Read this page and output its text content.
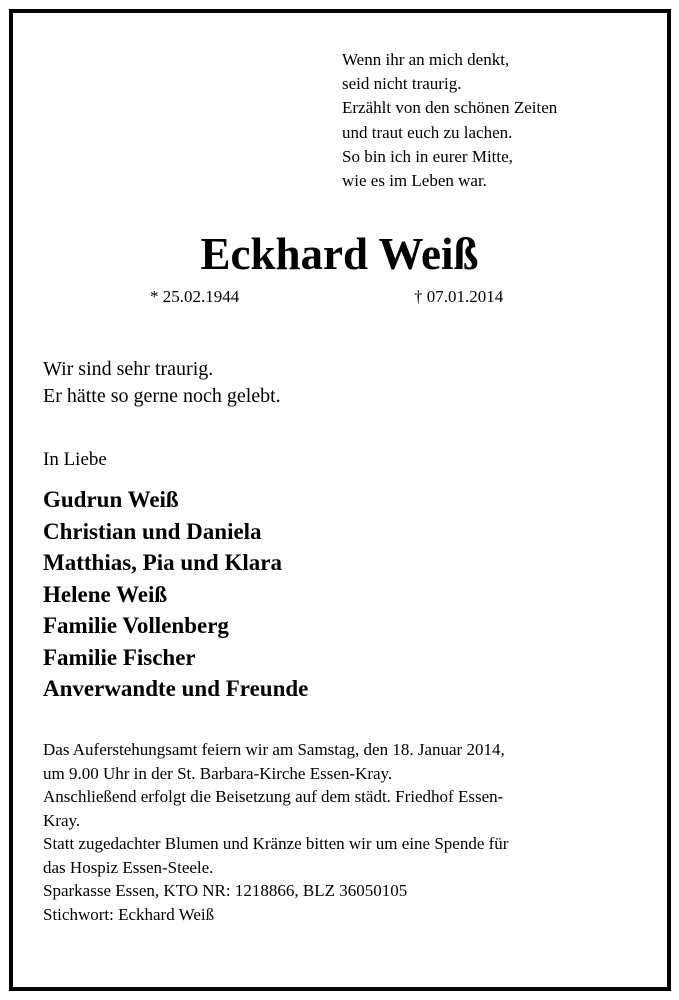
Wenn ihr an mich denkt,
seid nicht traurig.
Erzählt von den schönen Zeiten
und traut euch zu lachen.
So bin ich in eurer Mitte,
wie es im Leben war.
Eckhard Weiß
* 25.02.1944	† 07.01.2014
Wir sind sehr traurig.
Er hätte so gerne noch gelebt.
In Liebe
Gudrun Weiß
Christian und Daniela
Matthias, Pia und Klara
Helene Weiß
Familie Vollenberg
Familie Fischer
Anverwandte und Freunde
Das Auferstehungsamt feiern wir am Samstag, den 18. Januar 2014,
um 9.00 Uhr in der St. Barbara-Kirche Essen-Kray.
Anschließend erfolgt die Beisetzung auf dem städt. Friedhof Essen-
Kray.
Statt zugedachter Blumen und Kränze bitten wir um eine Spende für
das Hospiz Essen-Steele.
Sparkasse Essen, KTO NR: 1218866, BLZ 36050105
Stichwort: Eckhard Weiß
